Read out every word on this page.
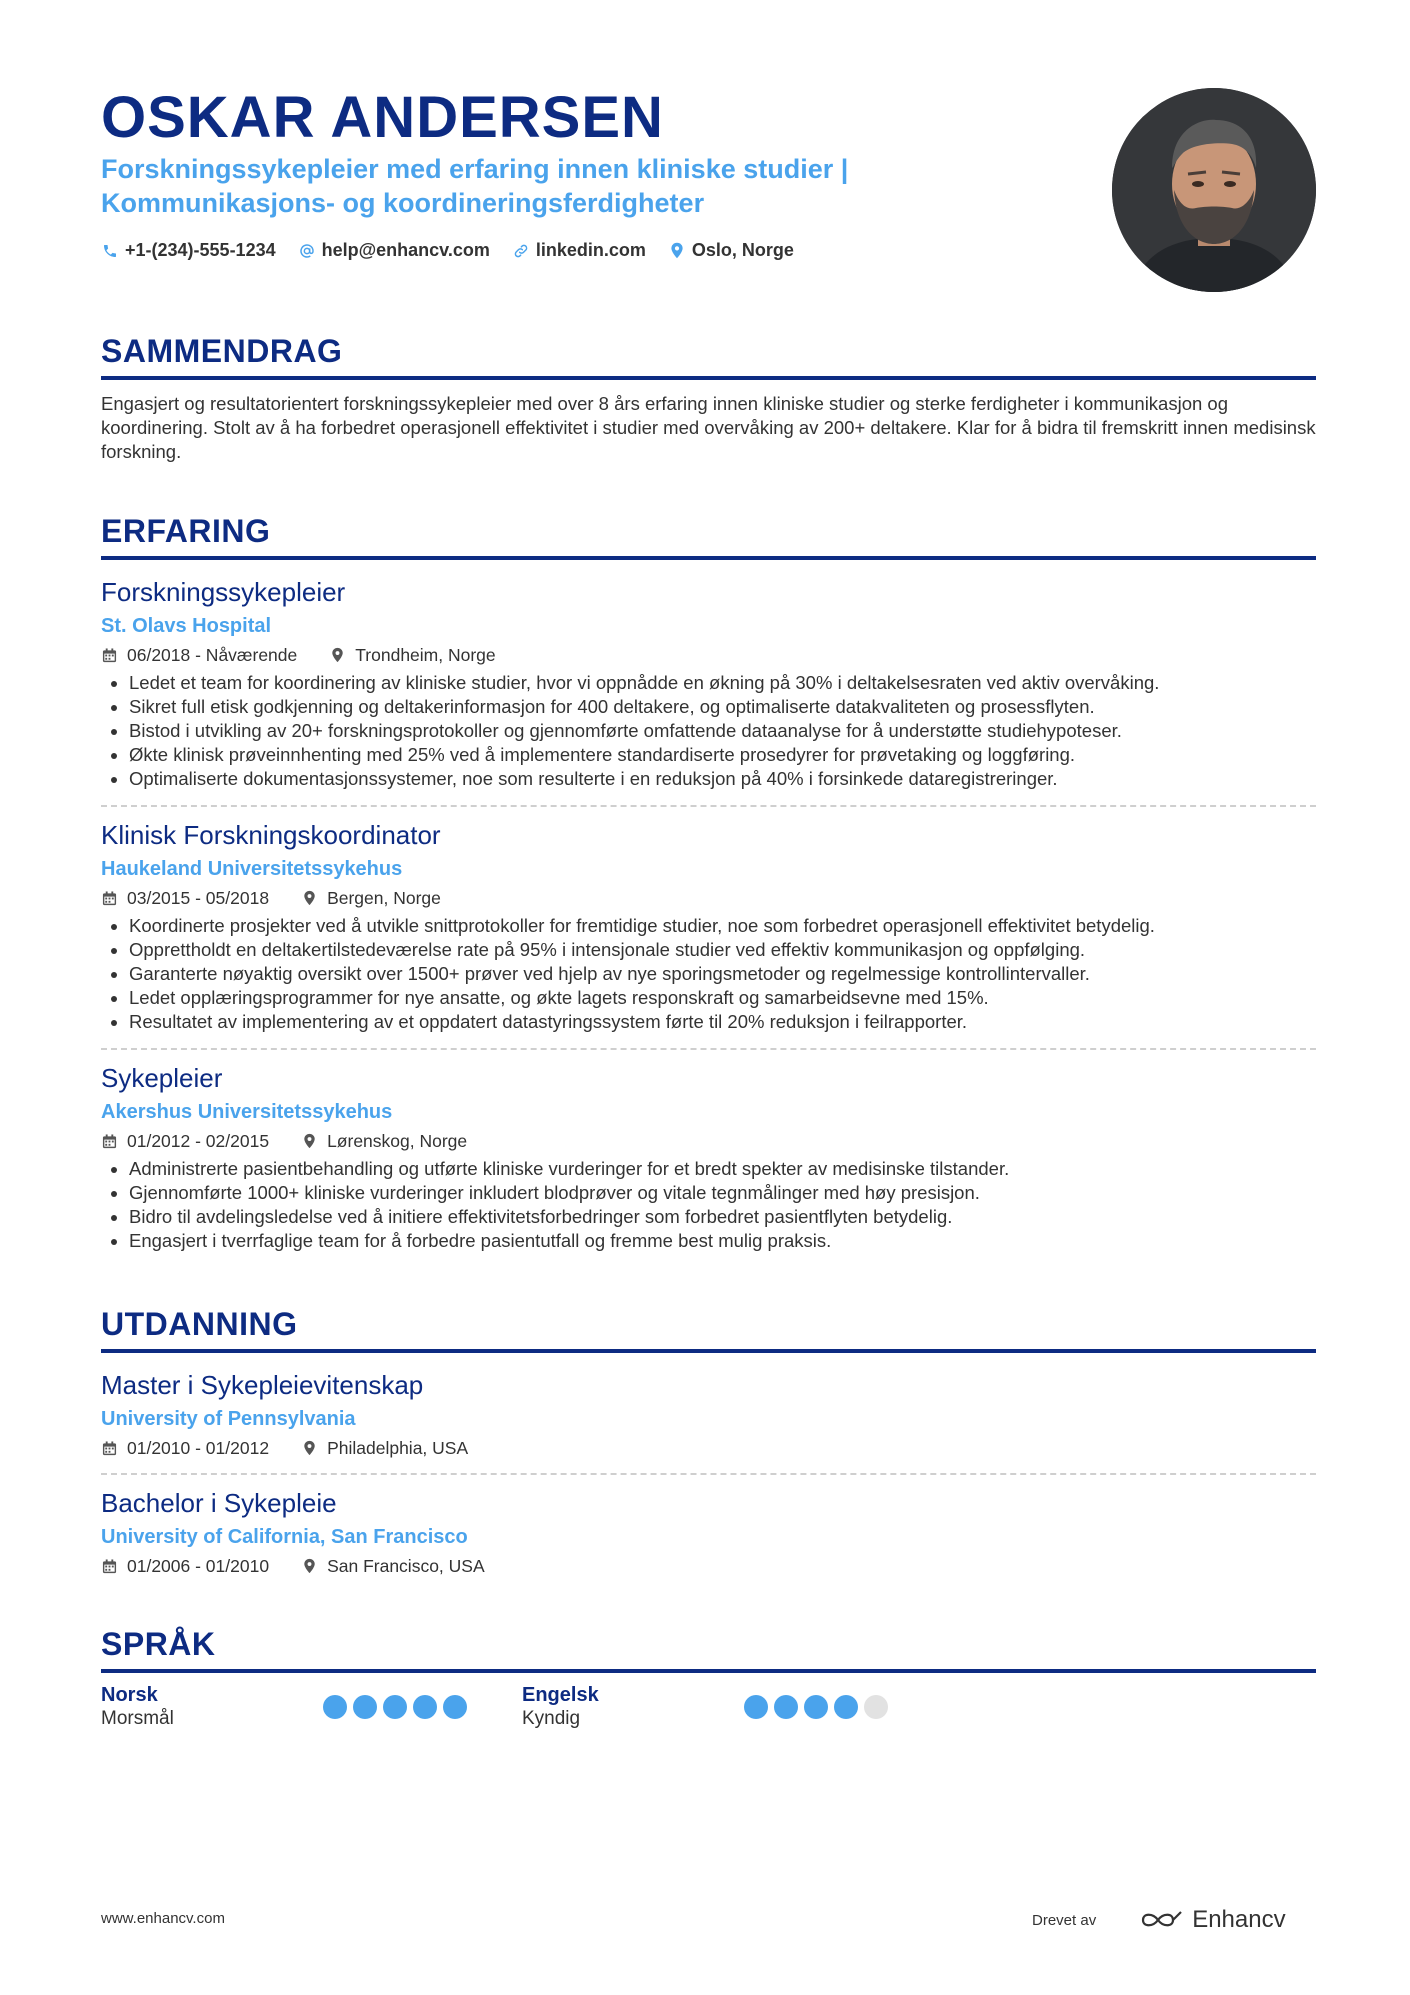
OSKAR ANDERSEN
Forskningssykepleier med erfaring innen kliniske studier | Kommunikasjons- og koordineringsferdigheter
+1-(234)-555-1234	help@enhancv.com	linkedin.com	Oslo, Norge
SAMMENDRAG
Engasjert og resultatorientert forskningssykepleier med over 8 års erfaring innen kliniske studier og sterke ferdigheter i kommunikasjon og koordinering. Stolt av å ha forbedret operasjonell effektivitet i studier med overvåking av 200+ deltakere. Klar for å bidra til fremskritt innen medisinsk forskning.
ERFARING
Forskningssykepleier
St. Olavs Hospital
06/2018 - Nåværende	Trondheim, Norge
Ledet et team for koordinering av kliniske studier, hvor vi oppnådde en økning på 30% i deltakelsesraten ved aktiv overvåking.
Sikret full etisk godkjenning og deltakerinformasjon for 400 deltakere, og optimaliserte datakvaliteten og prosessflyten.
Bistod i utvikling av 20+ forskningsprotokoller og gjennomførte omfattende dataanalyse for å understøtte studiehypoteser.
Økte klinisk prøveinnhenting med 25% ved å implementere standardiserte prosedyrer for prøvetaking og loggføring.
Optimaliserte dokumentasjonssystemer, noe som resulterte i en reduksjon på 40% i forsinkede dataregistreringer.
Klinisk Forskningskoordinator
Haukeland Universitetssykehus
03/2015 - 05/2018	Bergen, Norge
Koordinerte prosjekter ved å utvikle snittprotokoller for fremtidige studier, noe som forbedret operasjonell effektivitet betydelig.
Opprettholdt en deltakertilstedeværelse rate på 95% i intensjonale studier ved effektiv kommunikasjon og oppfølging.
Garanterte nøyaktig oversikt over 1500+ prøver ved hjelp av nye sporingsmetoder og regelmessige kontrollintervaller.
Ledet opplæringsprogrammer for nye ansatte, og økte lagets responskraft og samarbeidsevne med 15%.
Resultatet av implementering av et oppdatert datastyringssystem førte til 20% reduksjon i feilrapporter.
Sykepleier
Akershus Universitetssykehus
01/2012 - 02/2015	Lørenskog, Norge
Administrerte pasientbehandling og utførte kliniske vurderinger for et bredt spekter av medisinske tilstander.
Gjennomførte 1000+ kliniske vurderinger inkludert blodprøver og vitale tegnmålinger med høy presisjon.
Bidro til avdelingsledelse ved å initiere effektivitetsforbedringer som forbedret pasientflyten betydelig.
Engasjert i tverrfaglige team for å forbedre pasientutfall og fremme best mulig praksis.
UTDANNING
Master i Sykepleievitenskap
University of Pennsylvania
01/2010 - 01/2012	Philadelphia, USA
Bachelor i Sykepleie
University of California, San Francisco
01/2006 - 01/2010	San Francisco, USA
SPRÅK
Norsk
Morsmål
Engelsk
Kyndig
www.enhancv.com	Drevet av	Enhancv
